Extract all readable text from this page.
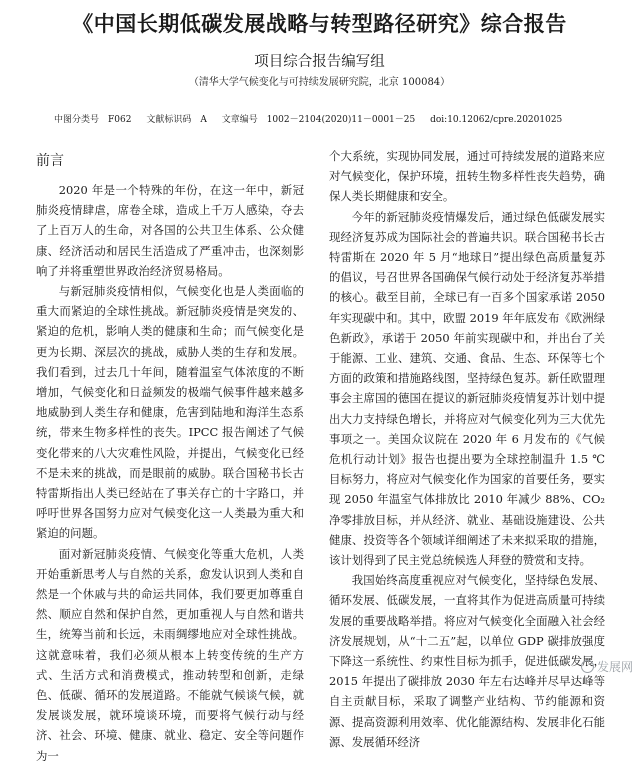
《中国长期低碳发展战略与转型路径研究》综合报告
项目综合报告编写组
（清华大学气候变化与可持续发展研究院，北京 100084）
中图分类号　F062 文献标识码　A 文章编号　1002－2104(2020)11－0001－25 doi:10.12062/cpre.20201025
前言

2020 年是一个特殊的年份，在这一年中，新冠肺炎疫情肆虐，席卷全球，造成上千万人感染，夺去了上百万人的生命，对各国的公共卫生体系、公众健康、经济活动和居民生活造成了严重冲击，也深刻影响了并将重塑世界政治经济贸易格局。

与新冠肺炎疫情相似，气候变化也是人类面临的重大而紧迫的全球性挑战。新冠肺炎疫情是突发的、紧迫的危机，影响人类的健康和生命；而气候变化是更为长期、深层次的挑战，威胁人类的生存和发展。我们看到，过去几十年间，随着温室气体浓度的不断增加，气候变化和日益频发的极端气候事件越来越多地威胁到人类生存和健康，危害到陆地和海洋生态系统，带来生物多样性的丧失。IPCC 报告阐述了气候变化带来的八大灾难性风险，并提出，气候变化已经不是未来的挑战，而是眼前的威胁。联合国秘书长古特雷斯指出人类已经站在了事关存亡的十字路口，并呼吁世界各国努力应对气候变化这一人类最为重大和紧迫的问题。

面对新冠肺炎疫情、气候变化等重大危机，人类开始重新思考人与自然的关系，愈发认识到人类和自然是一个休戚与共的命运共同体，我们要更加尊重自然、顺应自然和保护自然，更加重视人与自然和谐共生，统筹当前和长远，未雨绸缪地应对全球性挑战。这就意味着，我们必须从根本上转变传统的生产方式、生活方式和消费模式，推动转型和创新，走绿色、低碳、循环的发展道路。不能就气候谈气候，就发展谈发展，就环境谈环境，而要将气候行动与经济、社会、环境、健康、就业、稳定、安全等问题作为一

个大系统，实现协同发展，通过可持续发展的道路来应对气候变化，保护环境，扭转生物多样性丧失趋势，确保人类长期健康和安全。

今年的新冠肺炎疫情爆发后，通过绿色低碳发展实现经济复苏成为国际社会的普遍共识。联合国秘书长古特雷斯在 2020 年 5 月“地球日”提出绿色高质量复苏的倡议，号召世界各国确保气候行动处于经济复苏举措的核心。截至目前，全球已有一百多个国家承诺 2050 年实现碳中和。其中，欧盟 2019 年年底发布《欧洲绿色新政》，承诺于 2050 年前实现碳中和，并出台了关于能源、工业、建筑、交通、食品、生态、环保等七个方面的政策和措施路线图，坚持绿色复苏。新任欧盟理事会主席国的德国在提议的新冠肺炎疫情复苏计划中提出大力支持绿色增长，并将应对气候变化列为三大优先事项之一。美国众议院在 2020 年 6 月发布的《气候危机行动计划》报告也提出要为全球控制温升 1.5 ℃ 目标努力，将应对气候变化作为国家的首要任务，要实现 2050 年温室气体排放比 2010 年减少 88%、CO₂ 净零排放目标，并从经济、就业、基础设施建设、公共健康、投资等各个领域详细阐述了未来拟采取的措施，该计划得到了民主党总统候选人拜登的赞赏和支持。

我国始终高度重视应对气候变化，坚持绿色发展、循环发展、低碳发展，一直将其作为促进高质量可持续发展的重要战略举措。将应对气候变化全面融入社会经济发展规划，从“十二五”起，以单位 GDP 碳排放强度下降这一系统性、约束性目标为抓手，促进低碳发展，2015 年提出了碳排放 2030 年左右达峰并尽早达峰等自主贡献目标，采取了调整产业结构、节约能源和资源、提高资源利用效率、优化能源结构、发展非化石能源、发展循环经济

发展网
